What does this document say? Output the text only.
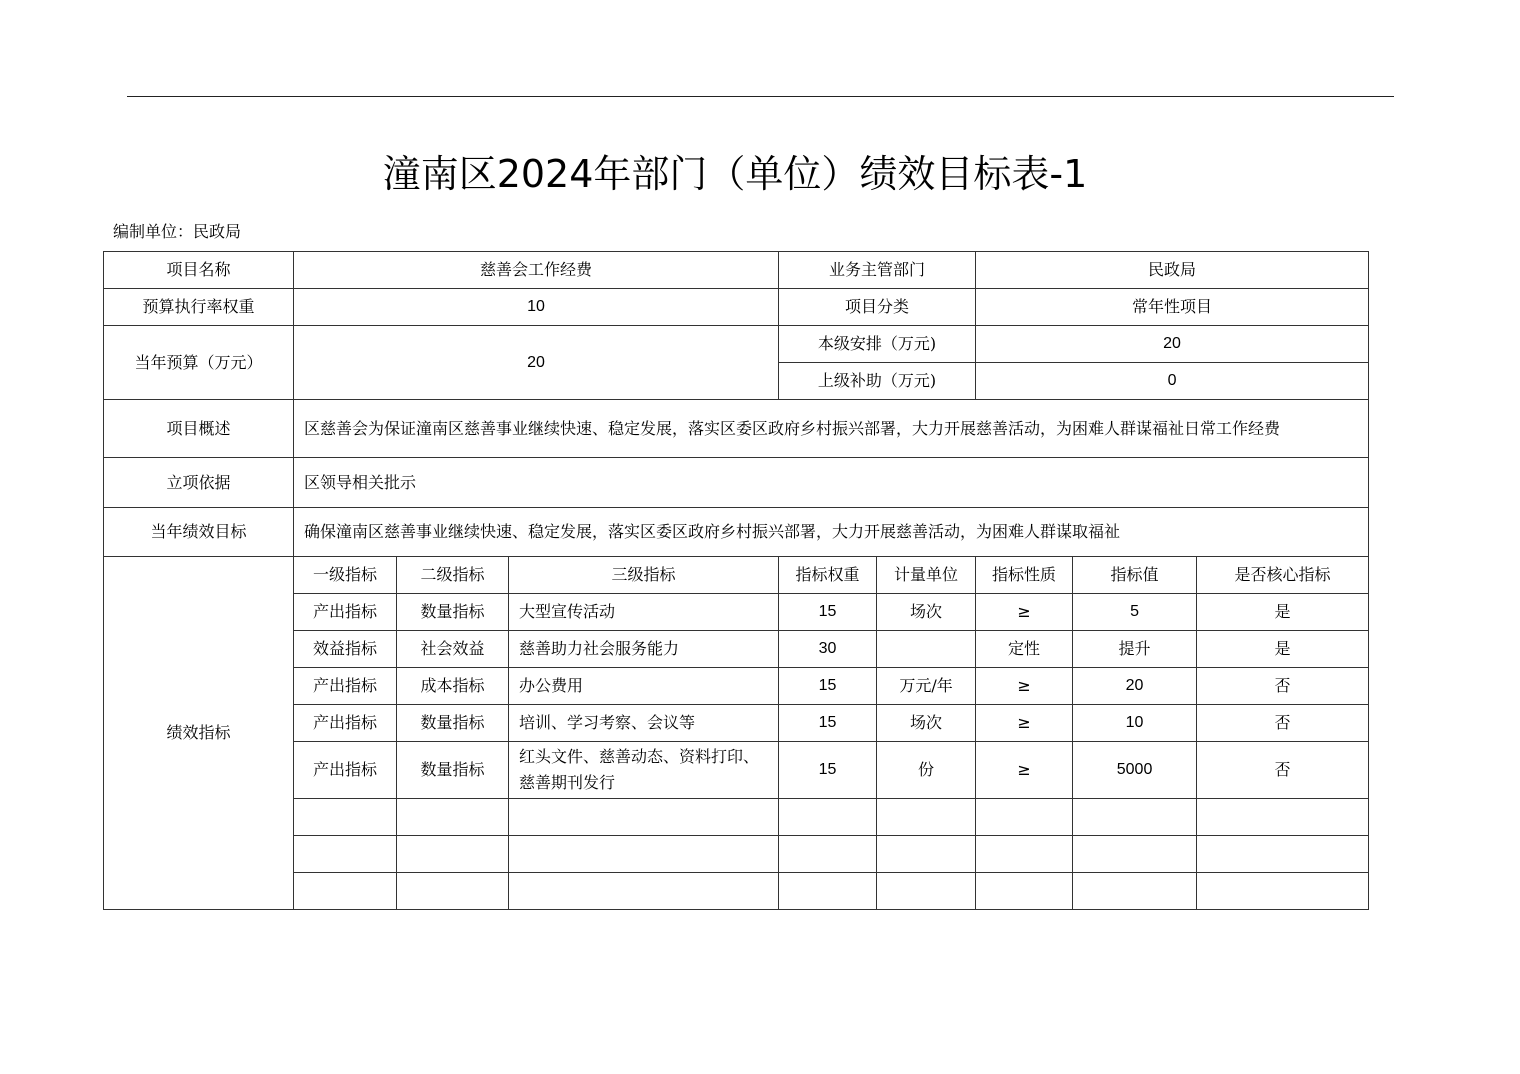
潼南区2024年部门（单位）绩效目标表-1
编制单位：民政局
项目名称	慈善会工作经费			业务主管部门		民政局		
预算执行率权重	10			项目分类		常年性项目		
当年预算（万元）	20			本级安排（万元)		20		
				上级补助（万元)		0		
项目概述	区慈善会为保证潼南区慈善事业继续快速、稳定发展，落实区委区政府乡村振兴部署，大力开展慈善活动，为困难人群谋福祉日常工作经费							
立项依据	区领导相关批示							
当年绩效目标	确保潼南区慈善事业继续快速、稳定发展，落实区委区政府乡村振兴部署，大力开展慈善活动，为困难人群谋取福祉							
绩效指标	一级指标	二级指标	三级指标	指标权重	计量单位	指标性质	指标值	是否核心指标
	产出指标	数量指标	大型宣传活动	15	场次	≥	5	是
	效益指标	社会效益	慈善助力社会服务能力	30		定性	提升	是
	产出指标	成本指标	办公费用	15	万元/年	≥	20	否
	产出指标	数量指标	培训、学习考察、会议等	15	场次	≥	10	否
	产出指标	数量指标	红头文件、慈善动态、资料打印、慈善期刊发行	15	份	≥	5000	否
